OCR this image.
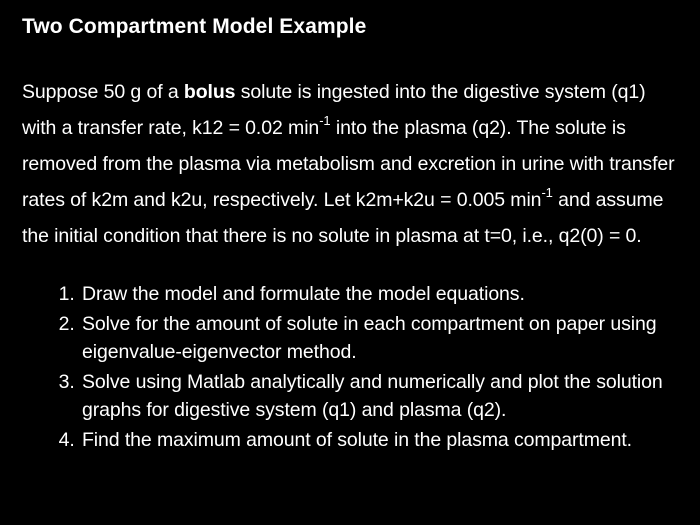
Two Compartment Model Example

Suppose 50 g of a bolus solute is ingested into the digestive system (q1) with a transfer rate, k12 = 0.02 $\min^{-1}$ into the plasma (q2). The solute is removed from the plasma via metabolism and excretion in urine with transfer rates of k2m and k2u, respectively. Let k2m+k2u = 0.005 $\min^{-1}$ and assume the initial condition that there is no solute in plasma at t=0, i.e., q2(0) = 0.

1. Draw the model and formulate the model equations.
2. Solve for the amount of solute in each compartment on paper using eigenvalue-eigenvector method.
3. Solve using Matlab analytically and numerically and plot the solution graphs for digestive system (q1) and plasma (q2).
4. Find the maximum amount of solute in the plasma compartment.
